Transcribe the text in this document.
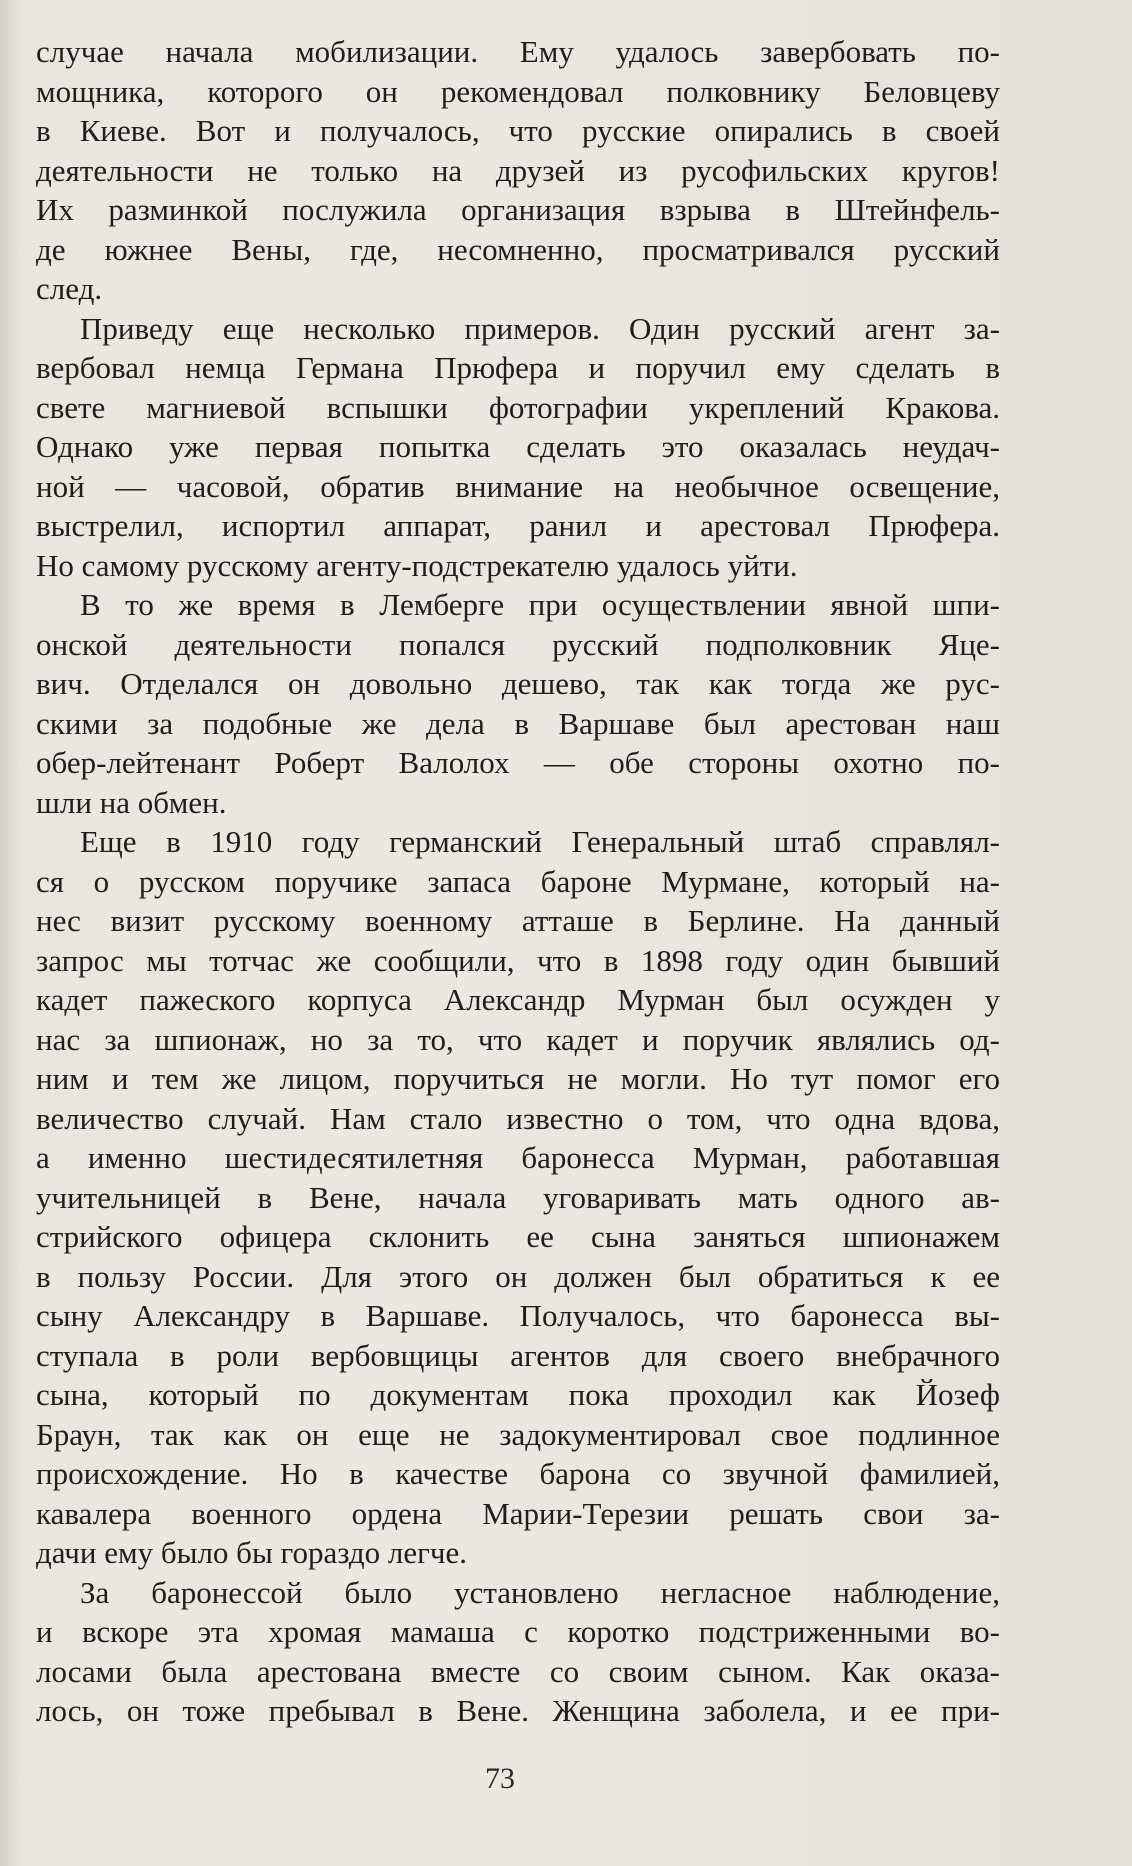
случае начала мобилизации. Ему удалось завербовать по-
мощника, которого он рекомендовал полковнику Беловцеву
в Киеве. Вот и получалось, что русские опирались в своей
деятельности не только на друзей из русофильских кругов!
Их разминкой послужила организация взрыва в Штейнфель-
де южнее Вены, где, несомненно, просматривался русский
след.
Приведу еще несколько примеров. Один русский агент за-
вербовал немца Германа Прюфера и поручил ему сделать в
свете магниевой вспышки фотографии укреплений Кракова.
Однако уже первая попытка сделать это оказалась неудач-
ной — часовой, обратив внимание на необычное освещение,
выстрелил, испортил аппарат, ранил и арестовал Прюфера.
Но самому русскому агенту-подстрекателю удалось уйти.
В то же время в Лемберге при осуществлении явной шпи-
онской деятельности попался русский подполковник Яце-
вич. Отделался он довольно дешево, так как тогда же рус-
скими за подобные же дела в Варшаве был арестован наш
обер-лейтенант Роберт Валолох — обе стороны охотно по-
шли на обмен.
Еще в 1910 году германский Генеральный штаб справлял-
ся о русском поручике запаса бароне Мурмане, который на-
нес визит русскому военному атташе в Берлине. На данный
запрос мы тотчас же сообщили, что в 1898 году один бывший
кадет пажеского корпуса Александр Мурман был осужден у
нас за шпионаж, но за то, что кадет и поручик являлись од-
ним и тем же лицом, поручиться не могли. Но тут помог его
величество случай. Нам стало известно о том, что одна вдова,
а именно шестидесятилетняя баронесса Мурман, работавшая
учительницей в Вене, начала уговаривать мать одного ав-
стрийского офицера склонить ее сына заняться шпионажем
в пользу России. Для этого он должен был обратиться к ее
сыну Александру в Варшаве. Получалось, что баронесса вы-
ступала в роли вербовщицы агентов для своего внебрачного
сына, который по документам пока проходил как Йозеф
Браун, так как он еще не задокументировал свое подлинное
происхождение. Но в качестве барона со звучной фамилией,
кавалера военного ордена Марии-Терезии решать свои за-
дачи ему было бы гораздо легче.
За баронессой было установлено негласное наблюдение,
и вскоре эта хромая мамаша с коротко подстриженными во-
лосами была арестована вместе со своим сыном. Как оказа-
лось, он тоже пребывал в Вене. Женщина заболела, и ее при-
73
